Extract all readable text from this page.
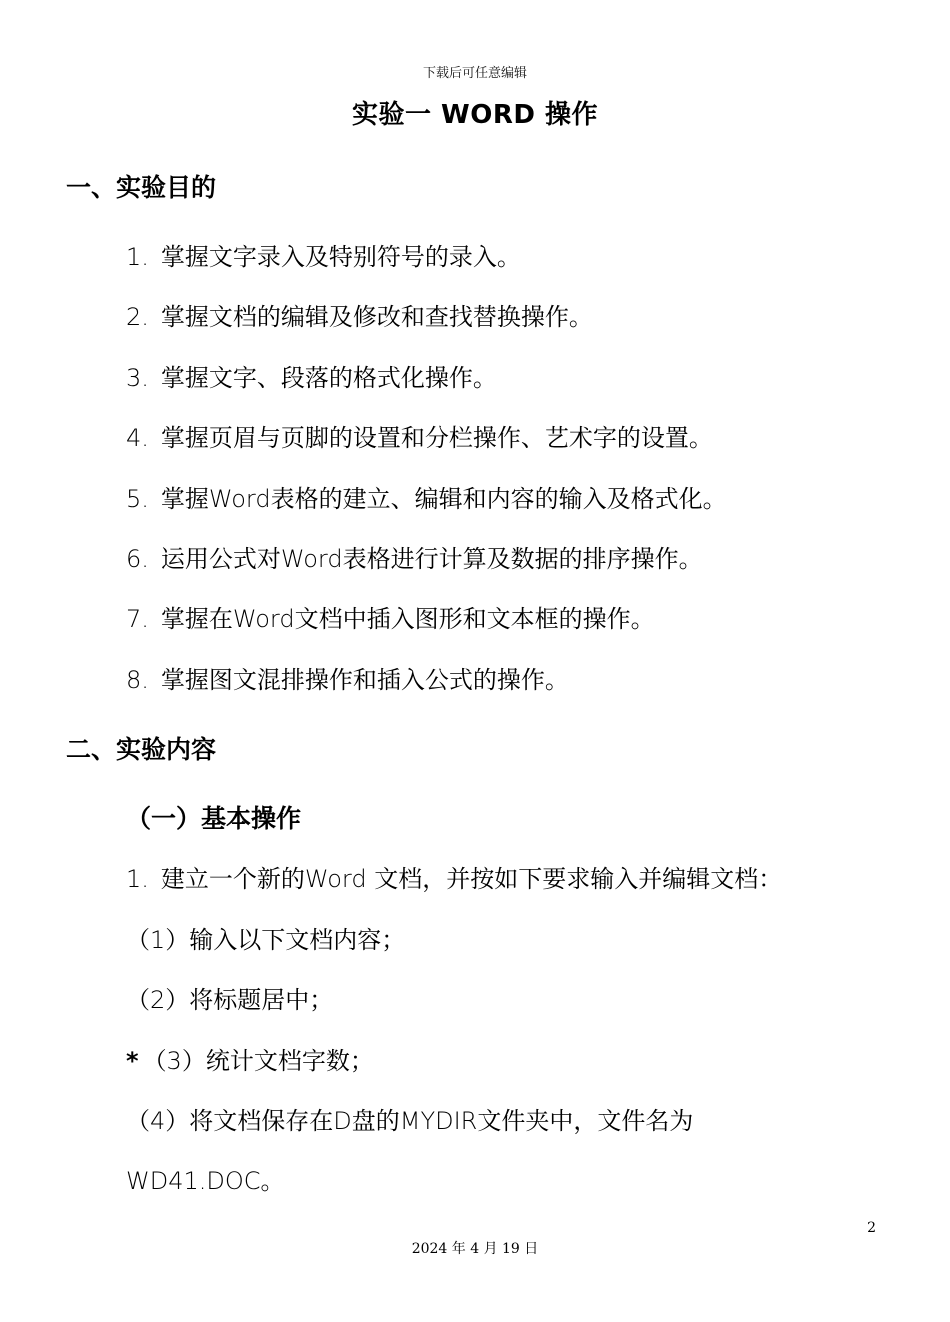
下载后可任意编辑
实验一 WORD 操作
一、实验目的
1. 掌握文字录入及特别符号的录入。
2. 掌握文档的编辑及修改和查找替换操作。
3. 掌握文字、段落的格式化操作。
4. 掌握页眉与页脚的设置和分栏操作、艺术字的设置。
5. 掌握Word表格的建立、编辑和内容的输入及格式化。
6. 运用公式对Word表格进行计算及数据的排序操作。
7. 掌握在Word文档中插入图形和文本框的操作。
8. 掌握图文混排操作和插入公式的操作。
二、实验内容
（一）基本操作
1. 建立一个新的Word 文档，并按如下要求输入并编辑文档：
（1）输入以下文档内容；
（2）将标题居中；
* （3）统计文档字数；
（4）将文档保存在D盘的MYDIR文件夹中，文件名为
WD41.DOC。
2
2024 年 4 月 19 日
